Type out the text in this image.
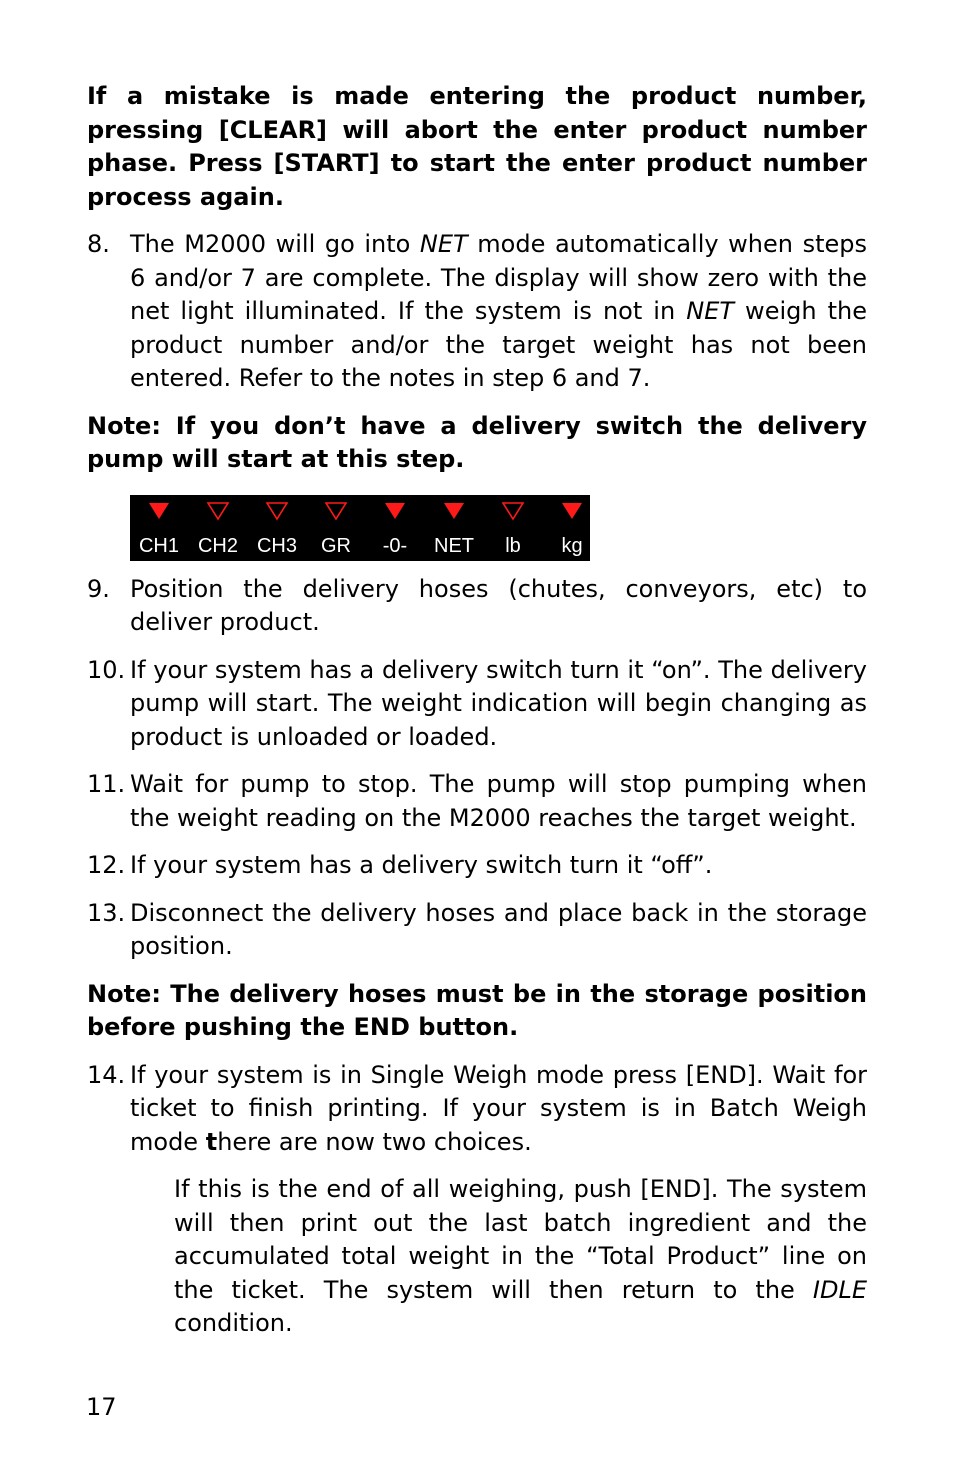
If a mistake is made entering the product number, pressing [CLEAR] will abort the enter product number phase. Press [START] to start the enter product number process again.

8. The M2000 will go into NET mode automatically when steps 6 and/or 7 are complete. The display will show zero with the net light illuminated. If the system is not in NET weigh the product number and/or the target weight has not been entered. Refer to the notes in step 6 and 7.

Note: If you don’t have a delivery switch the delivery pump will start at this step.

CH1 CH2 CH3	GR	-0-	NET	lb	kg
9. Position the delivery hoses (chutes, conveyors, etc) to deliver product.
10. If your system has a delivery switch turn it “on”. The delivery pump will start. The weight indication will begin changing as product is unloaded or loaded.
11. Wait for pump to stop. The pump will stop pumping when the weight reading on the M2000 reaches the target weight.
12. If your system has a delivery switch turn it “off”.
13. Disconnect the delivery hoses and place back in the storage position.

Note: The delivery hoses must be in the storage position before pushing the END button.

14. If your system is in Single Weigh mode press [END]. Wait for ticket to finish printing. If your system is in Batch Weigh mode there are now two choices.

If this is the end of all weighing, push [END]. The system will then print out the last batch ingredient and the accumulated total weight in the “Total Product” line on the ticket. The system will then return to the IDLE condition.

17
